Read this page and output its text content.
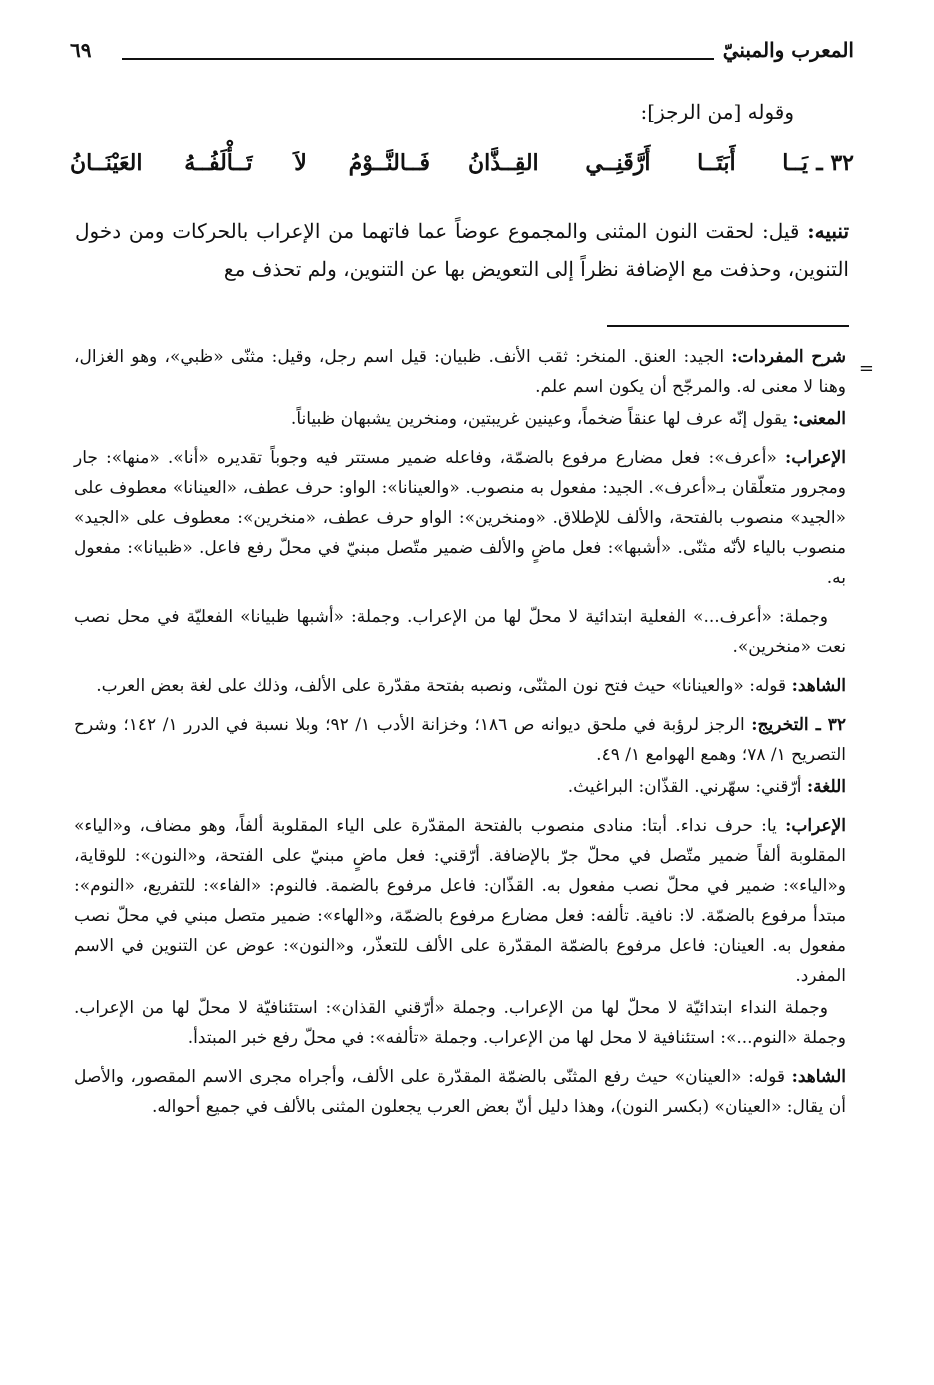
٦٩	المعرب والمبنيّ
وقوله [من الرجز]:
٣٢ ـ
يَــا أَبَتَــا أَرَّقَنِــي القِــذَّانُ
فَــالنَّــوْمُ لاَ تَــأْلَفُــهُ العَيْنَــانُ
تنبيه: قيل: لحقت النون المثنى والمجموع عوضاً عما فاتهما من الإعراب بالحركات ومن دخول التنوين، وحذفت مع الإضافة نظراً إلى التعويض بها عن التنوين، ولم تحذف مع
=

شرح المفردات: الجيد: العنق. المنخر: ثقب الأنف. ظبيان: قيل اسم رجل، وقيل: مثنّى «ظبي»، وهو الغزال، وهنا لا معنى له. والمرجّح أن يكون اسم علم.

المعنى: يقول إنّه عرف لها عنقاً ضخماً، وعينين غريبتين، ومنخرين يشبهان ظبياناً.

الإعراب: «أعرف»: فعل مضارع مرفوع بالضمّة، وفاعله ضمير مستتر فيه وجوباً تقديره «أنا». «منها»: جار ومجرور متعلّقان بـ«أعرف». الجيد: مفعول به منصوب. «والعينانا»: الواو: حرف عطف، «العينانا» معطوف على «الجيد» منصوب بالفتحة، والألف للإطلاق. «ومنخرين»: الواو حرف عطف، «منخرين»: معطوف على «الجيد» منصوب بالياء لأنّه مثنّى. «أشبها»: فعل ماضٍ والألف ضمير متّصل مبنيّ في محلّ رفع فاعل. «ظبيانا»: مفعول به.

وجملة: «أعرف...» الفعلية ابتدائية لا محلّ لها من الإعراب. وجملة: «أشبها ظبيانا» الفعليّة في محل نصب نعت «منخرين».

الشاهد: قوله: «والعينانا» حيث فتح نون المثنّى، ونصبه بفتحة مقدّرة على الألف، وذلك على لغة بعض العرب.

٣٢ ـ التخريج: الرجز لرؤبة في ملحق ديوانه ص ١٨٦؛ وخزانة الأدب ١/ ٩٢؛ وبلا نسبة في الدرر ١/ ١٤٢؛ وشرح التصريح ١/ ٧٨؛ وهمع الهوامع ١/ ٤٩.

اللغة: أرّقني: سهّرني. القذّان: البراغيث.

الإعراب: يا: حرف نداء. أبتا: منادى منصوب بالفتحة المقدّرة على الياء المقلوبة ألفاً، وهو مضاف، و«الياء» المقلوبة ألفاً ضمير متّصل في محلّ جرّ بالإضافة. أرّقني: فعل ماضٍ مبنيّ على الفتحة، و«النون»: للوقاية، و«الياء»: ضمير في محلّ نصب مفعول به. القذّان: فاعل مرفوع بالضمة. فالنوم: «الفاء»: للتفريع، «النوم»: مبتدأ مرفوع بالضمّة. لا: نافية. تألفه: فعل مضارع مرفوع بالضمّة، و«الهاء»: ضمير متصل مبني في محلّ نصب مفعول به. العينان: فاعل مرفوع بالضمّة المقدّرة على الألف للتعذّر، و«النون»: عوض عن التنوين في الاسم المفرد.

وجملة النداء ابتدائيّة لا محلّ لها من الإعراب. وجملة «أرّقني القذان»: استئنافيّة لا محلّ لها من الإعراب. وجملة «النوم...»: استئنافية لا محل لها من الإعراب. وجملة «تألفه»: في محلّ رفع خبر المبتدأ.

الشاهد: قوله: «العينان» حيث رفع المثنّى بالضمّة المقدّرة على الألف، وأجراه مجرى الاسم المقصور، والأصل أن يقال: «العينان» (بكسر النون)، وهذا دليل أنّ بعض العرب يجعلون المثنى بالألف في جميع أحواله.
